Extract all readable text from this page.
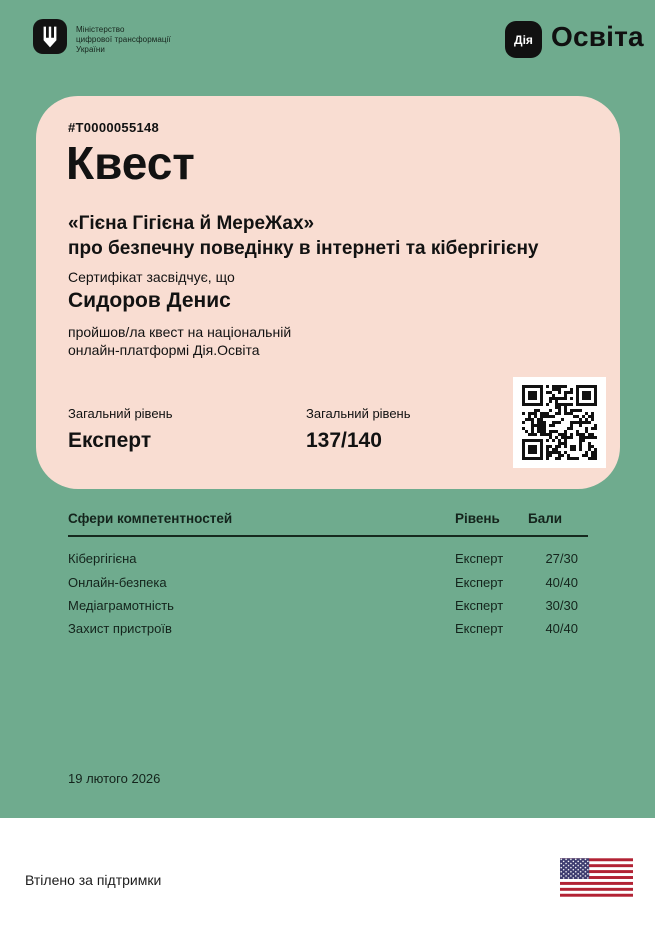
Міністерство
цифрової трансформації
України
Дія Освіта
#T0000055148
Квест
«Гієна Гігієна й МереЖах»
про безпечну поведінку в інтернеті та кібергігієну
Сертифікат засвідчує, що
Сидоров Денис
пройшов/ла квест на національній
онлайн-платформі Дія.Освіта
Загальний рівень
Експерт
Загальний рівень
137/140
Сфери компетентностей	Рівень Бали
Кібергігієна	Експерт	27/30
Онлайн-безпека	Експерт	40/40
Медіаграмотність	Експерт	30/30
Захист пристроїв	Експерт	40/40
19 лютого 2026
Втілено за підтримки
